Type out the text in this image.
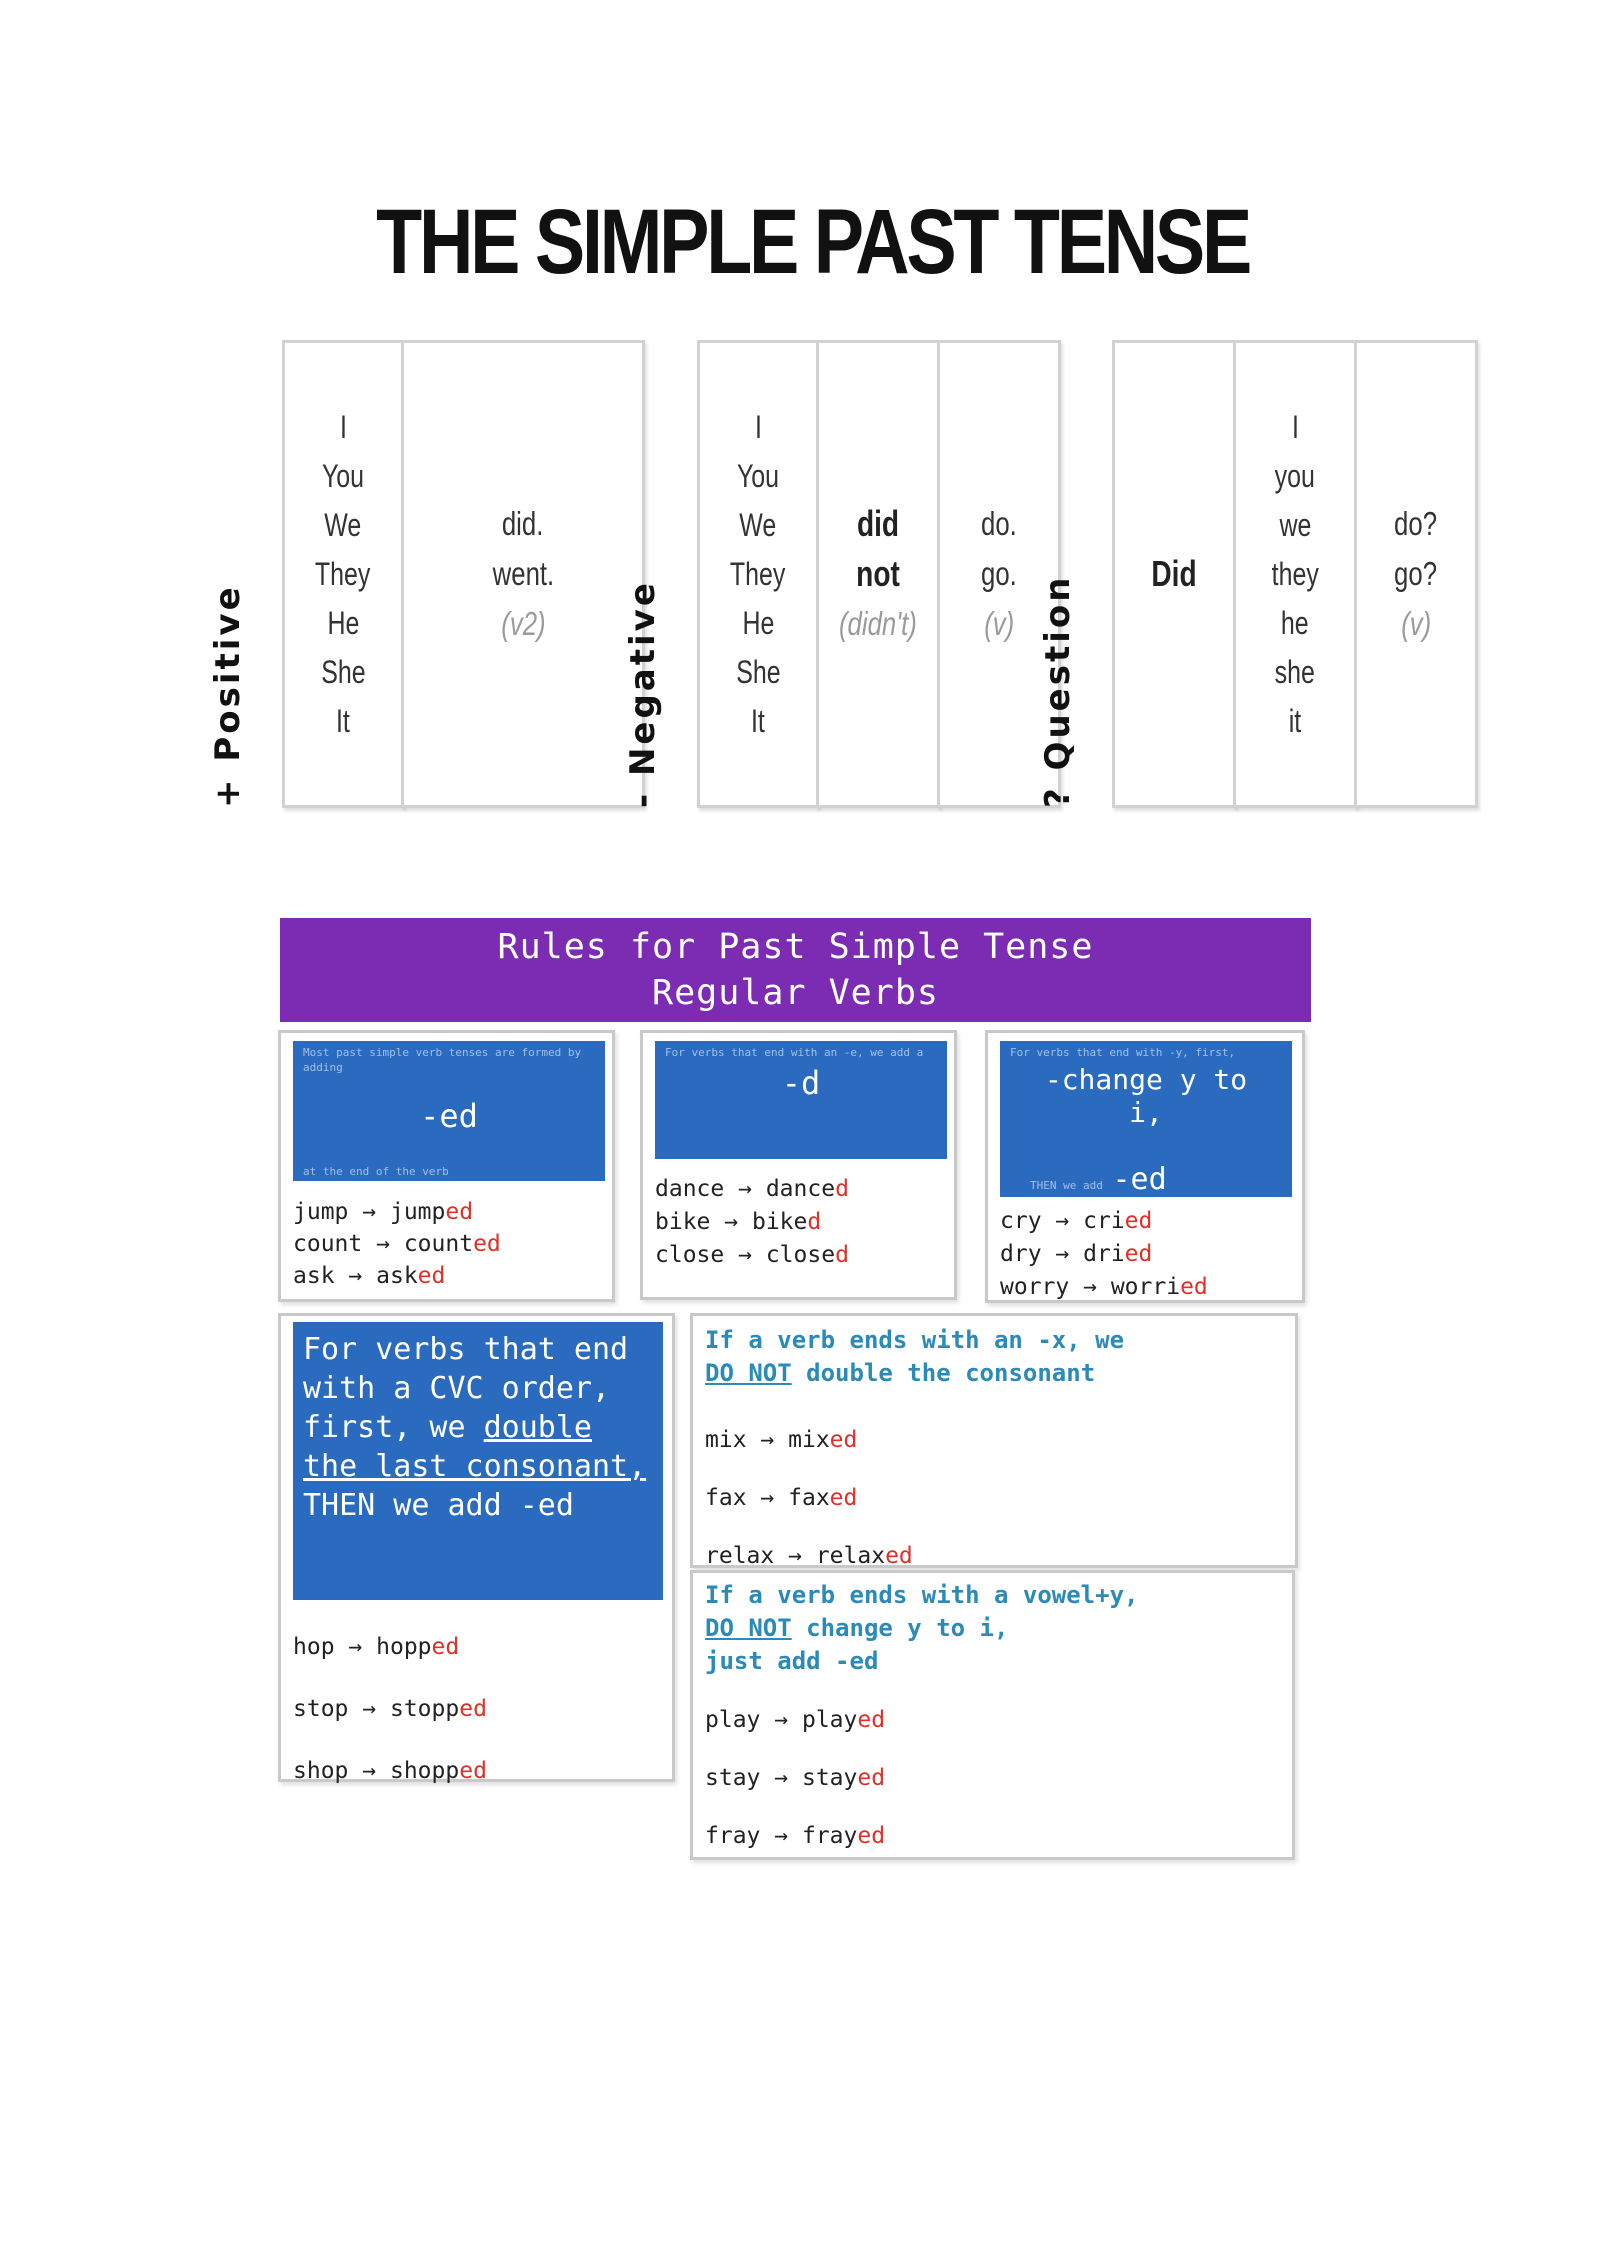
THE SIMPLE PAST TENSE
+ Positive
I
You
We
They
He
She
It
did.
went.
(v2) - Negative
I
You
We
They
He
She
It
did not
(didn't)
do.
go.
(v) ? Question
Did
I
you
we
they
he
she
it
do?
go?
(v)
Rules for Past Simple Tense
Regular Verbs
Most past simple verb tenses are formed by adding
-ed
at the end of the verb
jump → jumped
count → counted
ask → asked
For verbs that end with an -e, we add a
-d
dance → danced
bike → biked
close → closed
For verbs that end with -y, first,
-change y to
i,
THEN we add -ed
cry → cried
dry → dried
worry → worried
For verbs that end with a CVC order, first, we double the last consonant, THEN we add -ed
hop → hopped
stop → stopped
shop → shopped
If a verb ends with an -x, we
DO NOT double the consonant
mix → mixed
fax → faxed
relax → relaxed
If a verb ends with a vowel+y,
DO NOT change y to i,
just add -ed
play → played
stay → stayed
fray → frayed
